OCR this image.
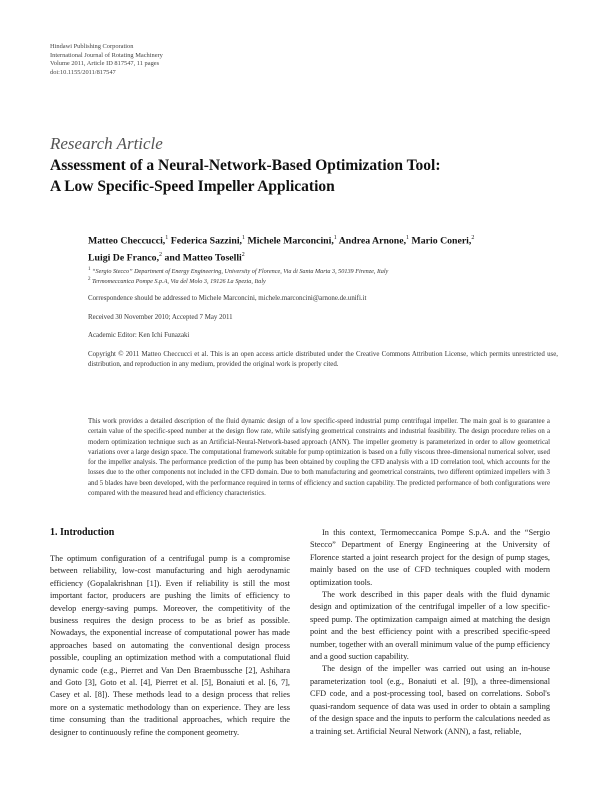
Hindawi Publishing Corporation
International Journal of Rotating Machinery
Volume 2011, Article ID 817547, 11 pages
doi:10.1155/2011/817547
Research Article
Assessment of a Neural-Network-Based Optimization Tool:
A Low Specific-Speed Impeller Application
Matteo Checcucci,$^1$ Federica Sazzini,$^1$ Michele Marconcini,$^1$ Andrea Arnone,$^1$ Mario Coneri,$^2$
Luigi De Franco,$^2$ and Matteo Toselli$^2$
$^1$ “Sergio Stecco” Department of Energy Engineering, University of Florence, Via di Santa Marta 3, 50139 Firenze, Italy
$^2$ Termomeccanica Pompe S.p.A, Via del Molo 3, 19126 La Spezia, Italy
Correspondence should be addressed to Michele Marconcini, michele.marconcini@arnone.de.unifi.it
Received 30 November 2010; Accepted 7 May 2011
Academic Editor: Ken Ichi Funazaki
Copyright © 2011 Matteo Checcucci et al. This is an open access article distributed under the Creative Commons Attribution License, which permits unrestricted use, distribution, and reproduction in any medium, provided the original work is properly cited.
This work provides a detailed description of the fluid dynamic design of a low specific-speed industrial pump centrifugal impeller. The main goal is to guarantee a certain value of the specific-speed number at the design flow rate, while satisfying geometrical constraints and industrial feasibility. The design procedure relies on a modern optimization technique such as an Artificial-Neural-Network-based approach (ANN). The impeller geometry is parameterized in order to allow geometrical variations over a large design space. The computational framework suitable for pump optimization is based on a fully viscous three-dimensional numerical solver, used for the impeller analysis. The performance prediction of the pump has been obtained by coupling the CFD analysis with a 1D correlation tool, which accounts for the losses due to the other components not included in the CFD domain. Due to both manufacturing and geometrical constraints, two different optimized impellers with 3 and 5 blades have been developed, with the performance required in terms of efficiency and suction capability. The predicted performance of both configurations were compared with the measured head and efficiency characteristics.
1. Introduction

The optimum configuration of a centrifugal pump is a compromise between reliability, low-cost manufacturing and high aerodynamic efficiency (Gopalakrishnan [1]). Even if reliability is still the most important factor, producers are pushing the limits of efficiency to develop energy-saving pumps. Moreover, the competitivity of the business requires the design process to be as brief as possible. Nowadays, the exponential increase of computational power has made approaches based on automating the conventional design process possible, coupling an optimization method with a computational fluid dynamic code (e.g., Pierret and Van Den Braembussche [2], Ashihara and Goto [3], Goto et al. [4], Pierret et al. [5], Bonaiuti et al. [6, 7], Casey et al. [8]). These methods lead to a design process that relies more on a systematic methodology than on experience. They are less time consuming than the traditional approaches, which require the designer to continuously refine the component geometry.

In this context, Termomeccanica Pompe S.p.A. and the “Sergio Stecco” Department of Energy Engineering at the University of Florence started a joint research project for the design of pump stages, mainly based on the use of CFD techniques coupled with modern optimization tools.

The work described in this paper deals with the fluid dynamic design and optimization of the centrifugal impeller of a low specific-speed pump. The optimization campaign aimed at matching the design point and the best efficiency point with a prescribed specific-speed number, together with an overall minimum value of the pump efficiency and a good suction capability.

The design of the impeller was carried out using an in-house parameterization tool (e.g., Bonaiuti et al. [9]), a three-dimensional CFD code, and a post-processing tool, based on correlations. Sobol's quasi-random sequence of data was used in order to obtain a sampling of the design space and the inputs to perform the calculations needed as a training set. Artificial Neural Network (ANN), a fast, reliable,
